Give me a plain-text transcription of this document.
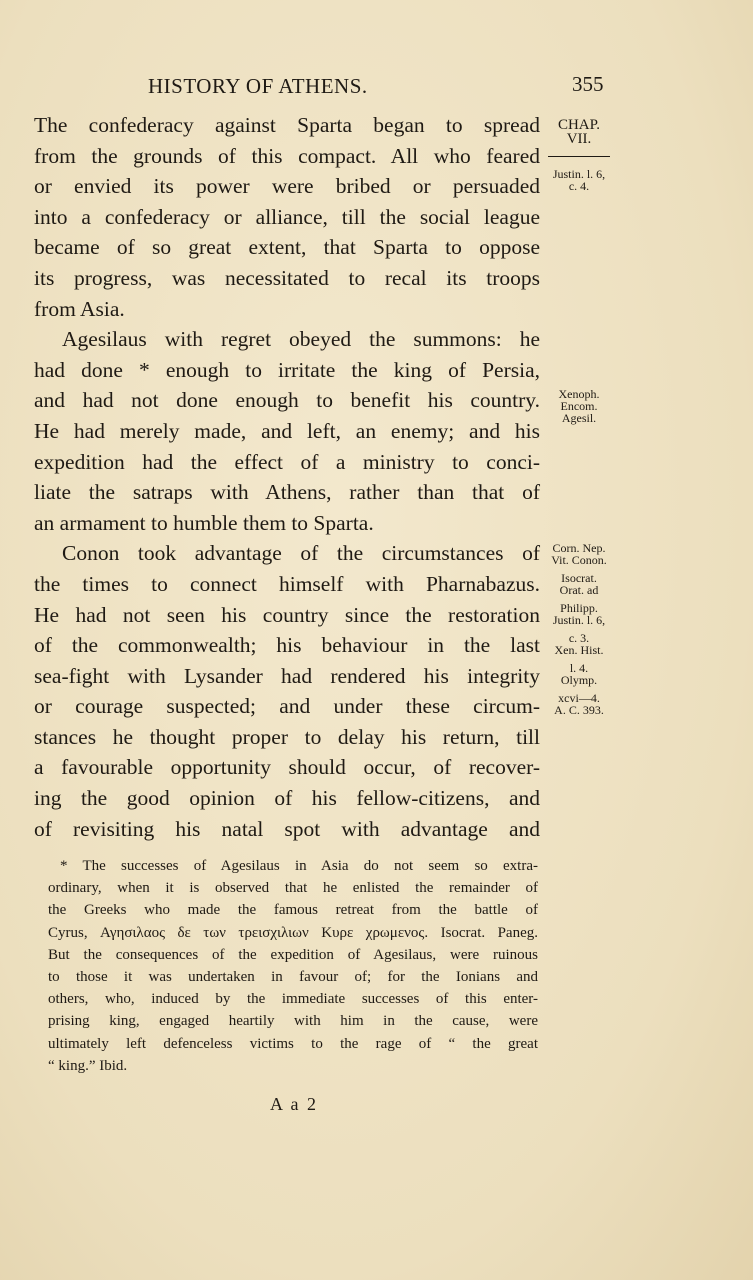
HISTORY OF ATHENS.	355
The confederacy against Sparta began to spread
from the grounds of this compact. All who feared
or envied its power were bribed or persuaded
into a confederacy or alliance, till the social league
became of so great extent, that Sparta to oppose
its progress, was necessitated to recal its troops
from Asia.
Agesilaus with regret obeyed the summons: he
had done * enough to irritate the king of Persia,
and had not done enough to benefit his country.
He had merely made, and left, an enemy; and his
expedition had the effect of a ministry to conci-
liate the satraps with Athens, rather than that of
an armament to humble them to Sparta.
Conon took advantage of the circumstances of
the times to connect himself with Pharnabazus.
He had not seen his country since the restoration
of the commonwealth; his behaviour in the last
sea-fight with Lysander had rendered his integrity
or courage suspected; and under these circum-
stances he thought proper to delay his return, till
a favourable opportunity should occur, of recover-
ing the good opinion of his fellow-citizens, and
of revisiting his natal spot with advantage and
CHAP.
VII.
Justin. l. 6,
c. 4.
Xenoph.
Encom.
Agesil.
Corn. Nep.
Vit. Conon.
Isocrat.
Orat. ad
Philipp.
Justin. l. 6,
c. 3.
Xen. Hist.
l. 4.
Olymp.
xcvi—4.
A. C. 393.
* The successes of Agesilaus in Asia do not seem so extra-
ordinary, when it is observed that he enlisted the remainder of
the Greeks who made the famous retreat from the battle of
Cyrus, Αγησιλαος δε των τρεισχιλιων Κυρε χρωμενος. Isocrat. Paneg.
But the consequences of the expedition of Agesilaus, were ruinous
to those it was undertaken in favour of; for the Ionians and
others, who, induced by the immediate successes of this enter-
prising king, engaged heartily with him in the cause, were
ultimately left defenceless victims to the rage of “ the great
“ king.” Ibid.
A a 2
